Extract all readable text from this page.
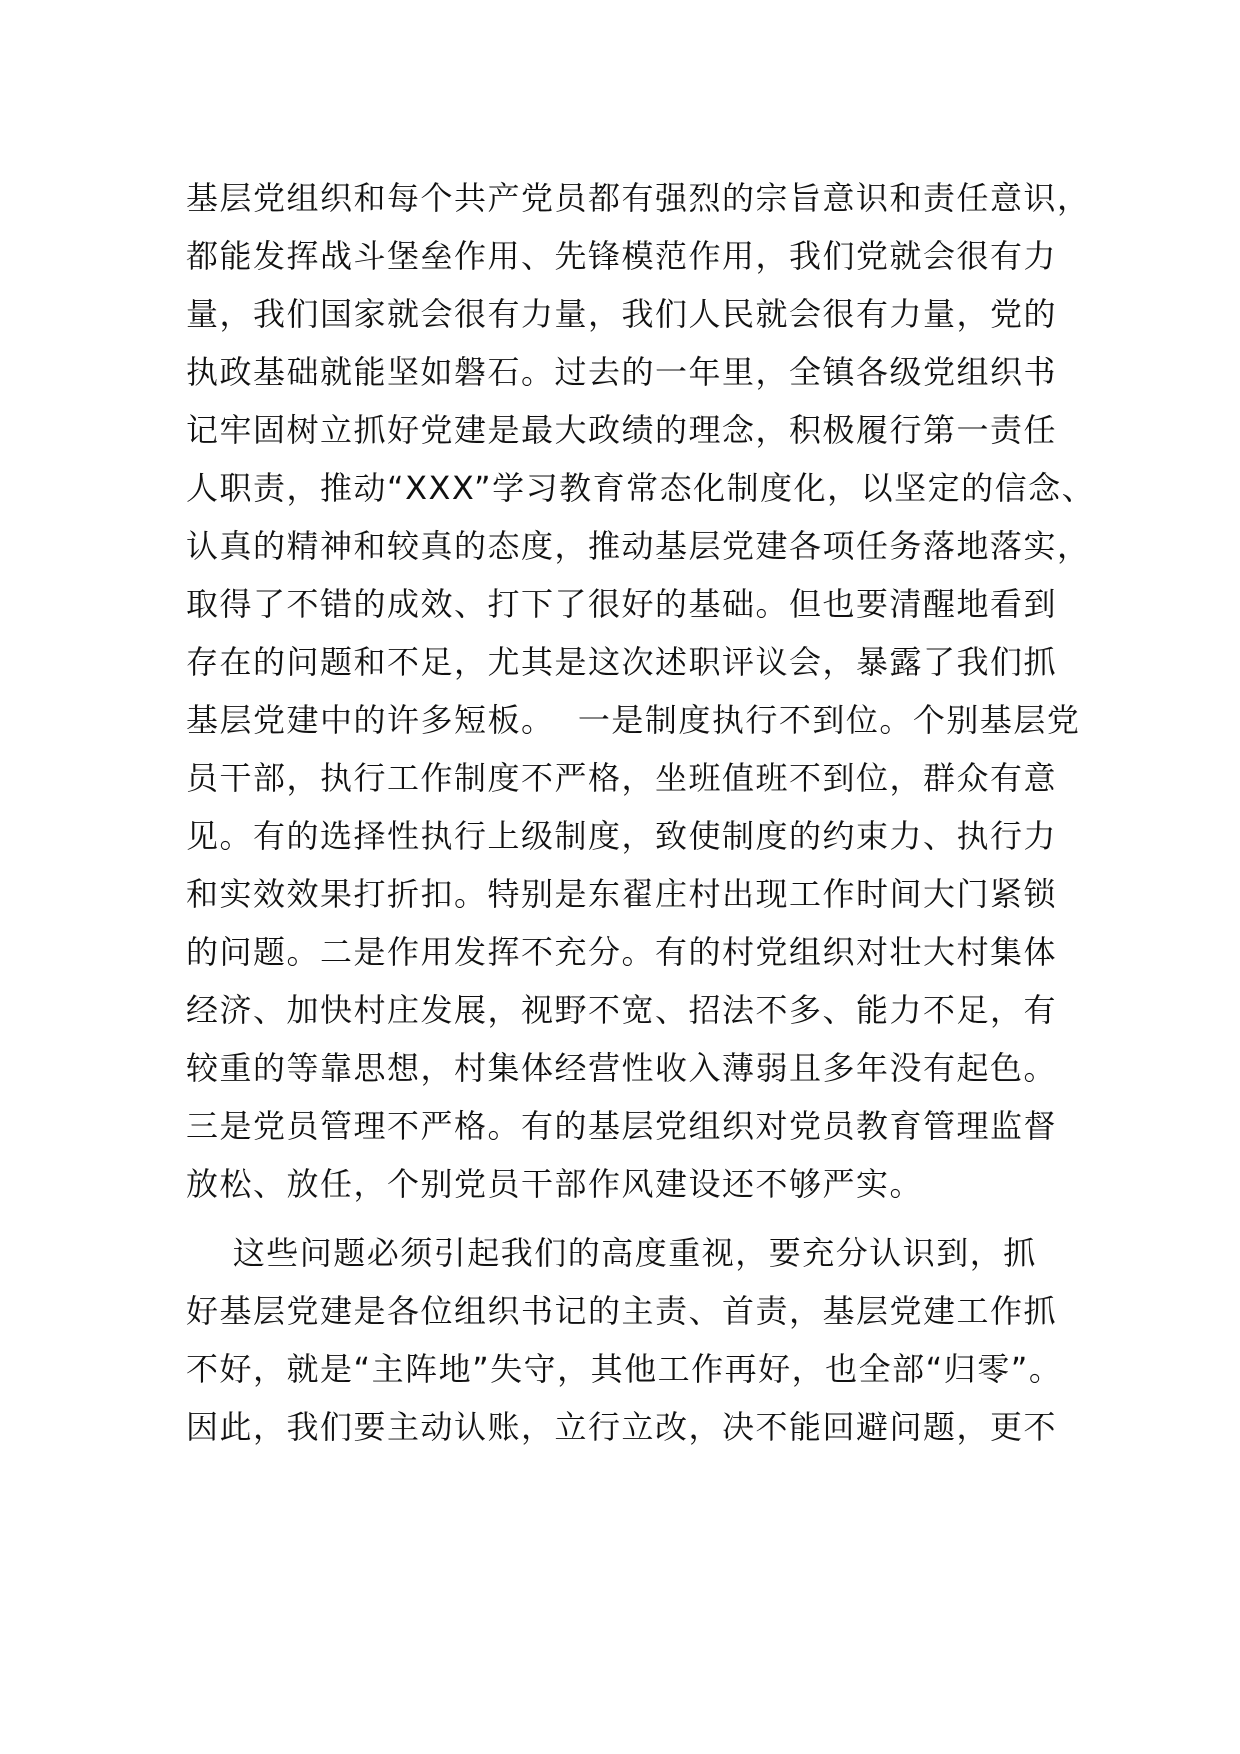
基层党组织和每个共产党员都有强烈的宗旨意识和责任意识，
都能发挥战斗堡垒作用、先锋模范作用，我们党就会很有力
量，我们国家就会很有力量，我们人民就会很有力量，党的
执政基础就能坚如磐石。过去的一年里，全镇各级党组织书
记牢固树立抓好党建是最大政绩的理念，积极履行第一责任
人职责，推动“XXX”学习教育常态化制度化，以坚定的信念、
认真的精神和较真的态度，推动基层党建各项任务落地落实，
取得了不错的成效、打下了很好的基础。但也要清醒地看到
存在的问题和不足，尤其是这次述职评议会，暴露了我们抓
基层党建中的许多短板。  一是制度执行不到位。个别基层党
员干部，执行工作制度不严格，坐班值班不到位，群众有意
见。有的选择性执行上级制度，致使制度的约束力、执行力
和实效效果打折扣。特别是东翟庄村出现工作时间大门紧锁
的问题。二是作用发挥不充分。有的村党组织对壮大村集体
经济、加快村庄发展，视野不宽、招法不多、能力不足，有
较重的等靠思想，村集体经营性收入薄弱且多年没有起色。
三是党员管理不严格。有的基层党组织对党员教育管理监督
放松、放任，个别党员干部作风建设还不够严实。
这些问题必须引起我们的高度重视，要充分认识到，抓
好基层党建是各位组织书记的主责、首责，基层党建工作抓
不好，就是“主阵地”失守，其他工作再好，也全部“归零”。
因此，我们要主动认账，立行立改，决不能回避问题，更不
